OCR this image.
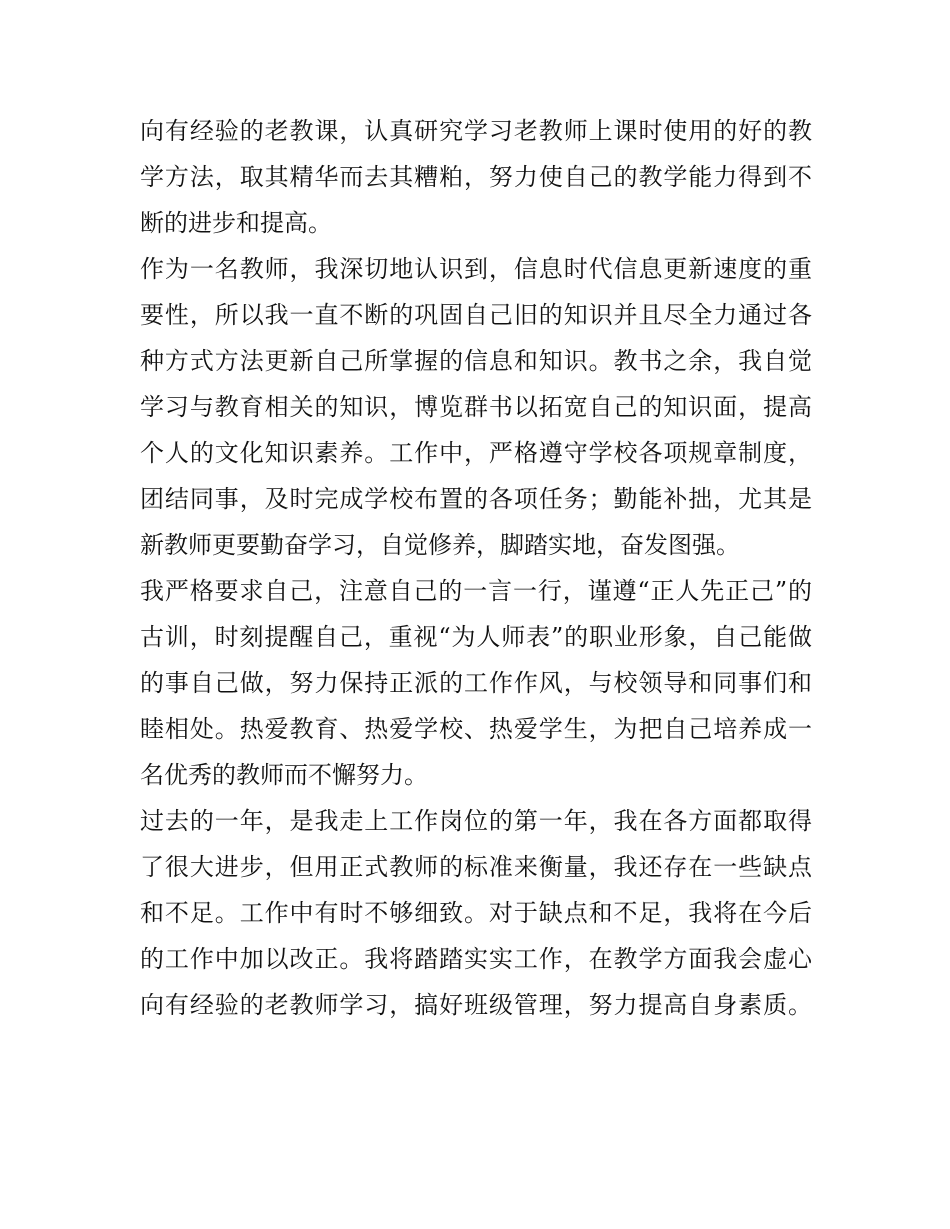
向有经验的老教课，认真研究学习老教师上课时使用的好的教
学方法，取其精华而去其糟粕，努力使自己的教学能力得到不
断的进步和提高。
作为一名教师，我深切地认识到，信息时代信息更新速度的重
要性，所以我一直不断的巩固自己旧的知识并且尽全力通过各
种方式方法更新自己所掌握的信息和知识。教书之余，我自觉
学习与教育相关的知识，博览群书以拓宽自己的知识面，提高
个人的文化知识素养。工作中，严格遵守学校各项规章制度，
团结同事，及时完成学校布置的各项任务；勤能补拙，尤其是
新教师更要勤奋学习，自觉修养，脚踏实地，奋发图强。
我严格要求自己，注意自己的一言一行，谨遵“正人先正己”的
古训，时刻提醒自己，重视“为人师表”的职业形象，自己能做
的事自己做，努力保持正派的工作作风，与校领导和同事们和
睦相处。热爱教育、热爱学校、热爱学生，为把自己培养成一
名优秀的教师而不懈努力。
过去的一年，是我走上工作岗位的第一年，我在各方面都取得
了很大进步，但用正式教师的标准来衡量，我还存在一些缺点
和不足。工作中有时不够细致。对于缺点和不足，我将在今后
的工作中加以改正。我将踏踏实实工作，在教学方面我会虚心
向有经验的老教师学习，搞好班级管理，努力提高自身素质。
